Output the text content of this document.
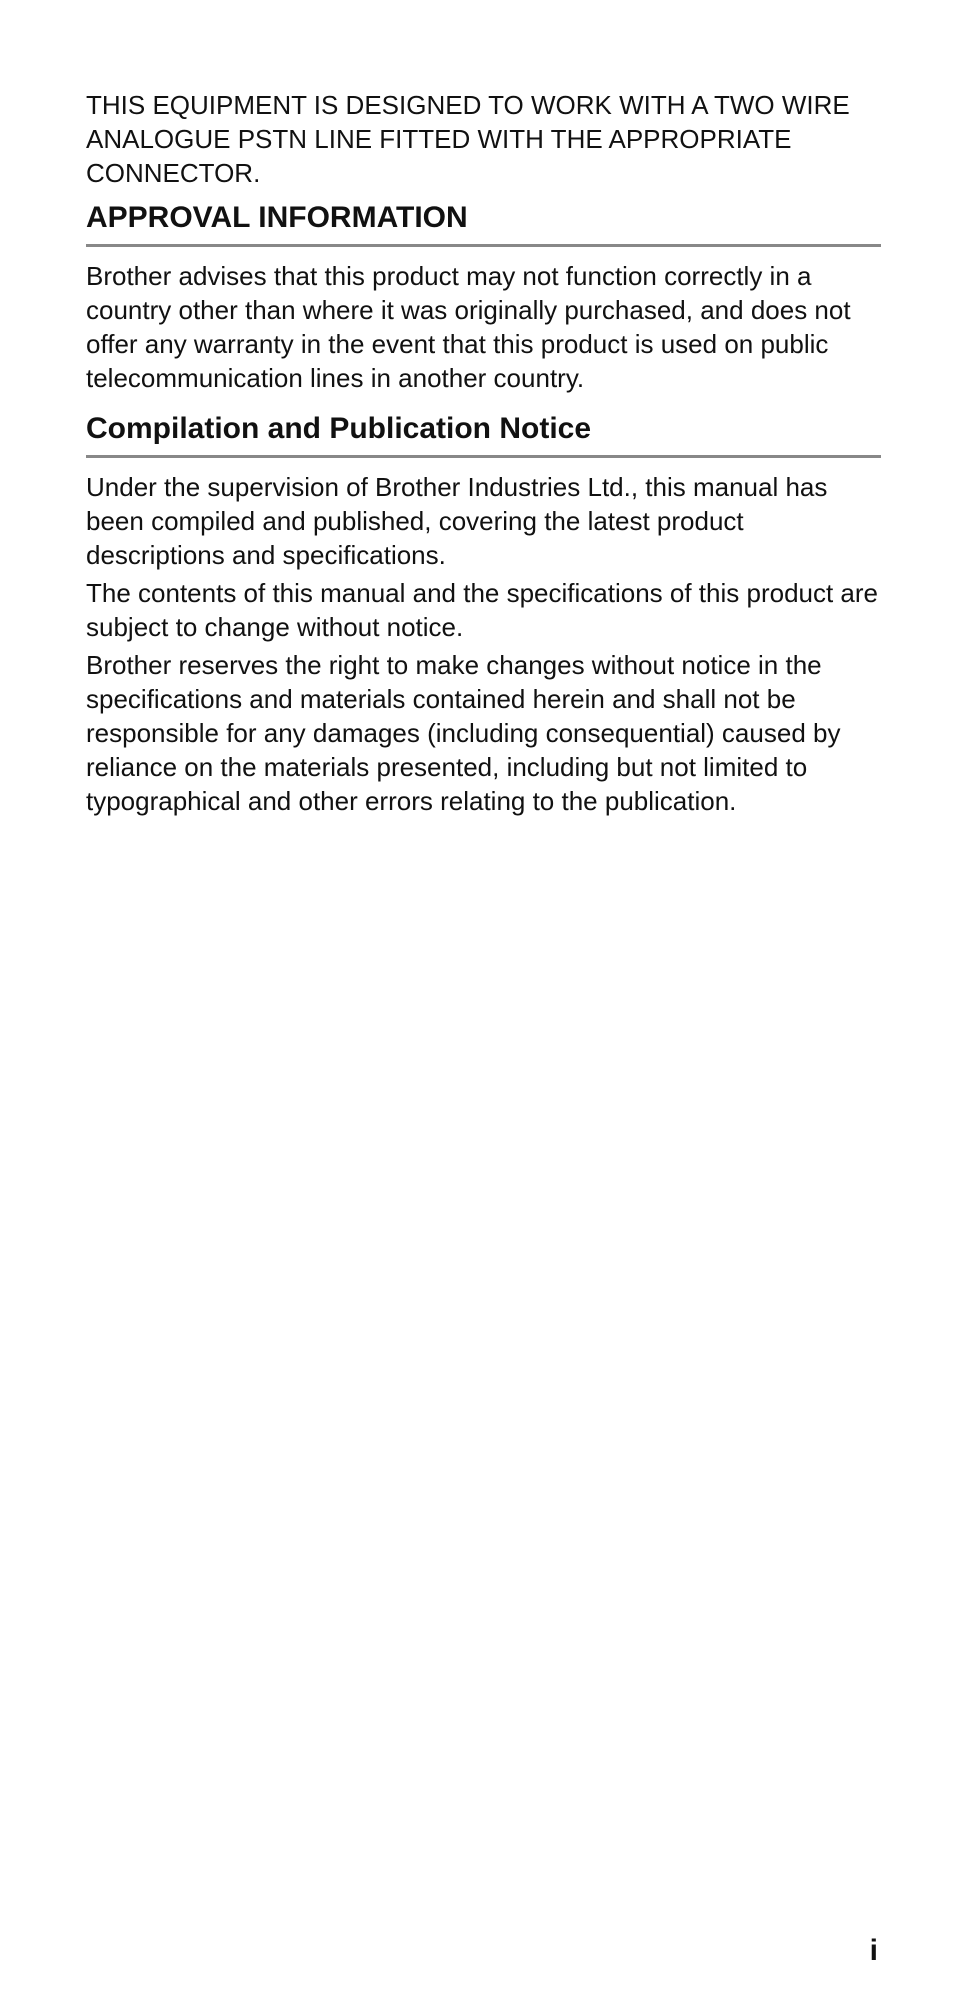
THIS EQUIPMENT IS DESIGNED TO WORK WITH A TWO WIRE ANALOGUE PSTN LINE FITTED WITH THE APPROPRIATE CONNECTOR.

APPROVAL INFORMATION

Brother advises that this product may not function correctly in a country other than where it was originally purchased, and does not offer any warranty in the event that this product is used on public telecommunication lines in another country.

Compilation and Publication Notice

Under the supervision of Brother Industries Ltd., this manual has been compiled and published, covering the latest product descriptions and specifications.

The contents of this manual and the specifications of this product are subject to change without notice.

Brother reserves the right to make changes without notice in the specifications and materials contained herein and shall not be responsible for any damages (including consequential) caused by reliance on the materials presented, including but not limited to typographical and other errors relating to the publication.

i
